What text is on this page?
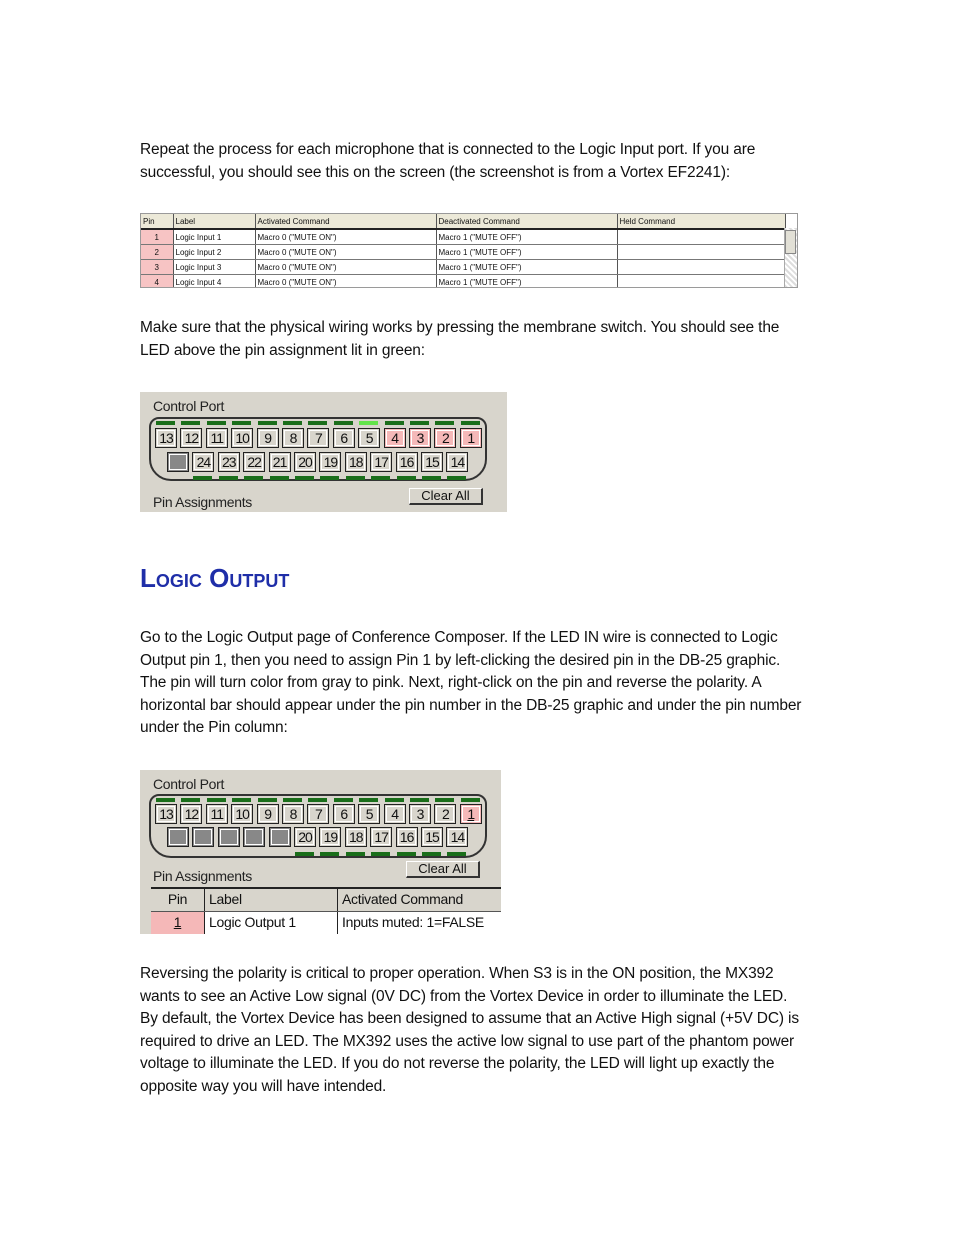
Repeat the process for each microphone that is connected to the Logic Input port. If you are
successful, you should see this on the screen (the screenshot is from a Vortex EF2241):
Pin	Label	Activated Command	Deactivated Command	Held Command
1	Logic Input 1	Macro 0 ("MUTE ON")	Macro 1 ("MUTE OFF")	
2	Logic Input 2	Macro 0 ("MUTE ON")	Macro 1 ("MUTE OFF")	
3	Logic Input 3	Macro 0 ("MUTE ON")	Macro 1 ("MUTE OFF")	
4	Logic Input 4	Macro 0 ("MUTE ON")	Macro 1 ("MUTE OFF")	
Make sure that the physical wiring works by pressing the membrane switch. You should see the
LED above the pin assignment lit in green:
Control Port
13 12 11 10	9	8	7	6	5	4	3	2	1
24 23 22 21 20 19 18 17 16 15 14
Pin Assignments	Clear All
Logic Output
Go to the Logic Output page of Conference Composer. If the LED IN wire is connected to Logic
Output pin 1, then you need to assign Pin 1 by left-clicking the desired pin in the DB-25 graphic.
The pin will turn color from gray to pink. Next, right-click on the pin and reverse the polarity. A
horizontal bar should appear under the pin number in the DB-25 graphic and under the pin number
under the Pin column:
Control Port
13 12 11 10	9	8	7	6	5	4	3	2	1
20 19 18 17 16 15 14
Pin Assignments	Clear All
Pin	Label	Activated Command
1	Logic Output 1	Inputs muted: 1=FALSE
Reversing the polarity is critical to proper operation. When S3 is in the ON position, the MX392
wants to see an Active Low signal (0V DC) from the Vortex Device in order to illuminate the LED.
By default, the Vortex Device has been designed to assume that an Active High signal (+5V DC) is
required to drive an LED. The MX392 uses the active low signal to use part of the phantom power
voltage to illuminate the LED. If you do not reverse the polarity, the LED will light up exactly the
opposite way you will have intended.
